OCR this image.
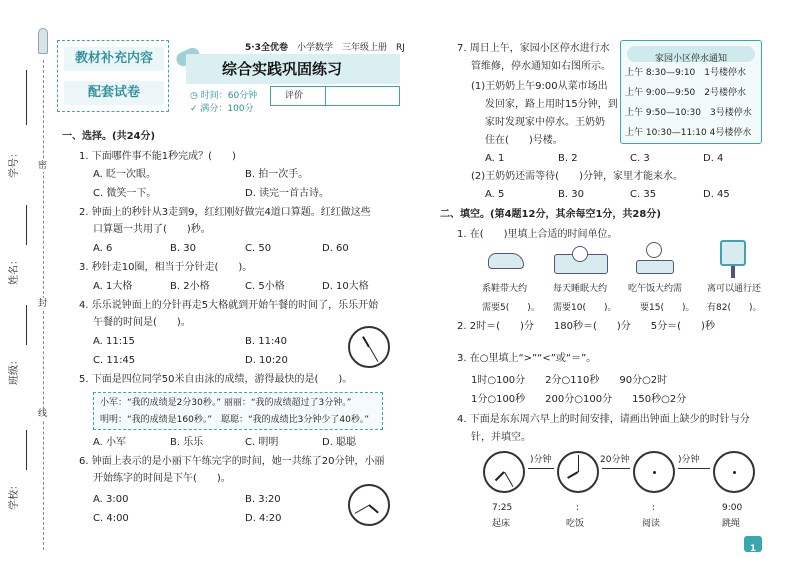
密
封
线
学号：
姓名：
班级：
学校：
教材补充内容
配套试卷
5·3全优卷　 小学数学　 三年级上册　 RJ
综合实践巩固练习
◷ 时间：60分钟
✓ 满分：100分
评价
一、选择。(共24分)
1. 下面哪件事不能1秒完成？(　　)
A. 眨一次眼。	B. 拍一次手。
C. 微笑一下。	D. 读完一首古诗。
2. 钟面上的秒针从3走到9，红红刚好做完4道口算题。红红做这些
口算题一共用了(　　)秒。
A. 6	B. 30	C. 50	D. 60
3. 秒针走10圈，相当于分针走(　　)。
A. 1大格	B. 2小格	C. 5小格	D. 10大格
4. 乐乐说钟面上的分针再走5大格就到开始午餐的时间了，乐乐开始
午餐的时间是(　　)。
A. 11:15	B. 11:40
C. 11:45	D. 10:20
5. 下面是四位同学50米自由泳的成绩，游得最快的是(　　)。
小军：“我的成绩是2分30秒。” 丽丽：“我的成绩超过了3分钟。”
明明：“我的成绩是160秒。”　聪聪：“我的成绩比3分钟少了40秒。”
A. 小军	B. 乐乐	C. 明明	D. 聪聪
6. 钟面上表示的是小丽下午练完字的时间，她一共练了20分钟，小丽
开始练字的时间是下午(　　)。
A. 3:00	B. 3:20
C. 4:00	D. 4:20
7. 周日上午，家园小区停水进行水
管维修，停水通知如右图所示。
(1)王奶奶上午9:00从菜市场出
发回家，路上用时15分钟，到
家时发现家中停水。王奶奶
住在(　　)号楼。
A. 1	B. 2	C. 3	D. 4
(2)王奶奶还需等待(　　)分钟，家里才能来水。
A. 5	B. 30	C. 35	D. 45
家园小区停水通知
上午 8:30—9:10　1号楼停水
上午 9:00—9:50　2号楼停水
上午 9:50—10:30　3号楼停水
上午 10:30—11:10 4号楼停水
二、填空。(第4题12分，其余每空1分，共28分)
1. 在(　　)里填上合适的时间单位。
系鞋带大约	每天睡眠大约 吃午饭大约需	离可以通行还
需要5(　　)。 需要10(　　)。	要15(　　)。 有82(　　)。
2. 2时＝(　　)分　　180秒＝(　　)分　　5分＝(　　)秒
3. 在○里填上“>”“<”或“＝”。
1时○100分　　2分○110秒　　90分○2时
1分○100秒　　200分○100分　　150秒○2分
4. 下面是东东周六早上的时间安排，请画出钟面上缺少的时针与分
针，并填空。
)分钟	20分钟	)分钟
7:25	:	:	9:00
起床	吃饭	阅读	跳绳
1
